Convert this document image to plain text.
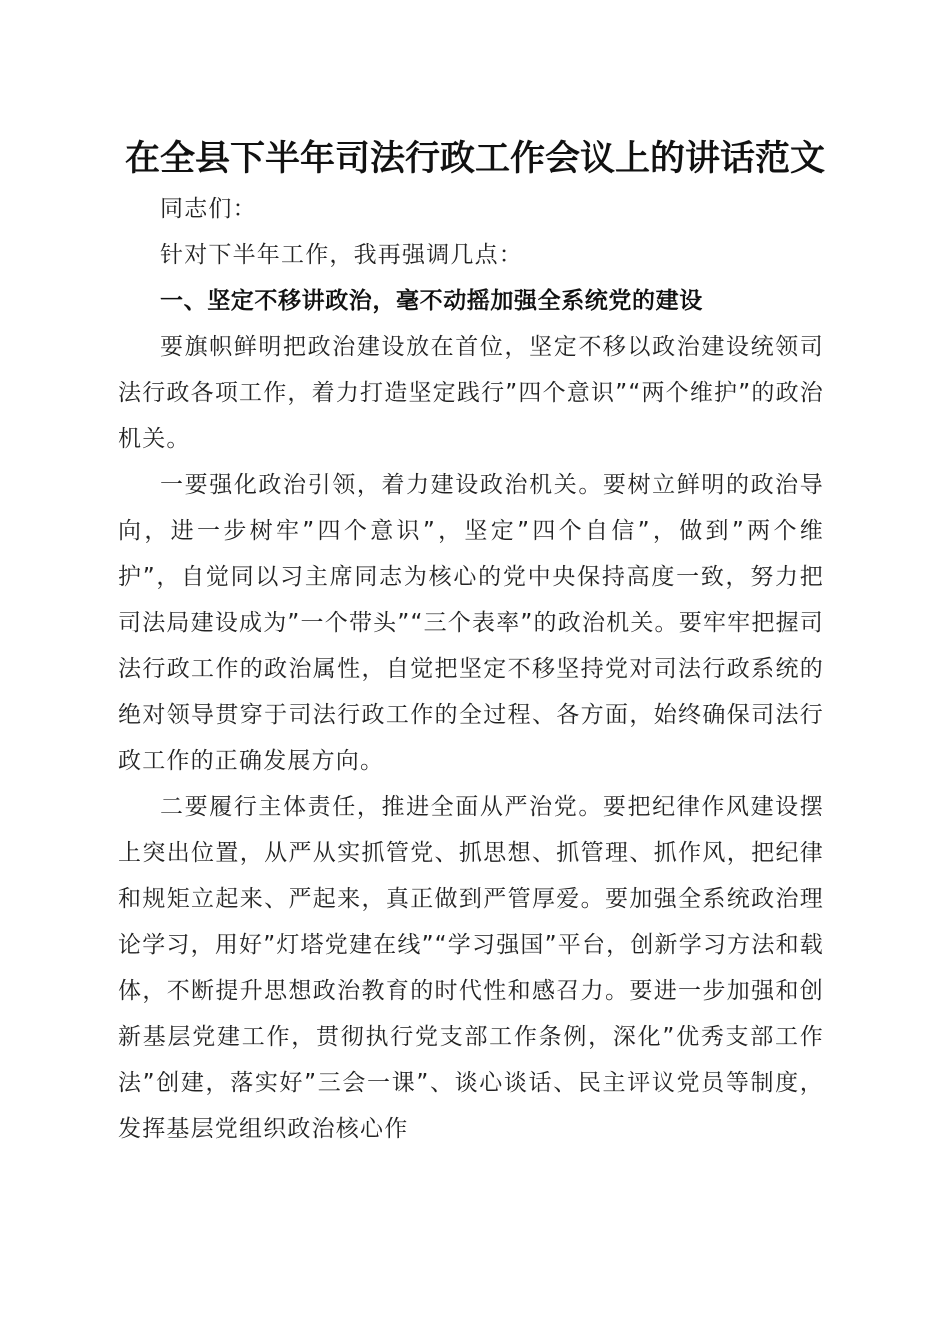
在全县下半年司法行政工作会议上的讲话范文

同志们：

针对下半年工作，我再强调几点：

一、坚定不移讲政治，毫不动摇加强全系统党的建设

要旗帜鲜明把政治建设放在首位，坚定不移以政治建设统领司法行政各项工作，着力打造坚定践行”四个意识”“两个维护”的政治机关。

一要强化政治引领，着力建设政治机关。要树立鲜明的政治导向，进一步树牢”四个意识”，坚定”四个自信”，做到”两个维护”，自觉同以习主席同志为核心的党中央保持高度一致，努力把司法局建设成为”一个带头”“三个表率”的政治机关。要牢牢把握司法行政工作的政治属性，自觉把坚定不移坚持党对司法行政系统的绝对领导贯穿于司法行政工作的全过程、各方面，始终确保司法行政工作的正确发展方向。

二要履行主体责任，推进全面从严治党。要把纪律作风建设摆上突出位置，从严从实抓管党、抓思想、抓管理、抓作风，把纪律和规矩立起来、严起来，真正做到严管厚爱。要加强全系统政治理论学习，用好”灯塔党建在线”“学习强国”平台，创新学习方法和载体，不断提升思想政治教育的时代性和感召力。要进一步加强和创新基层党建工作，贯彻执行党支部工作条例，深化”优秀支部工作法”创建，落实好”三会一课”、谈心谈话、民主评议党员等制度，发挥基层党组织政治核心作
